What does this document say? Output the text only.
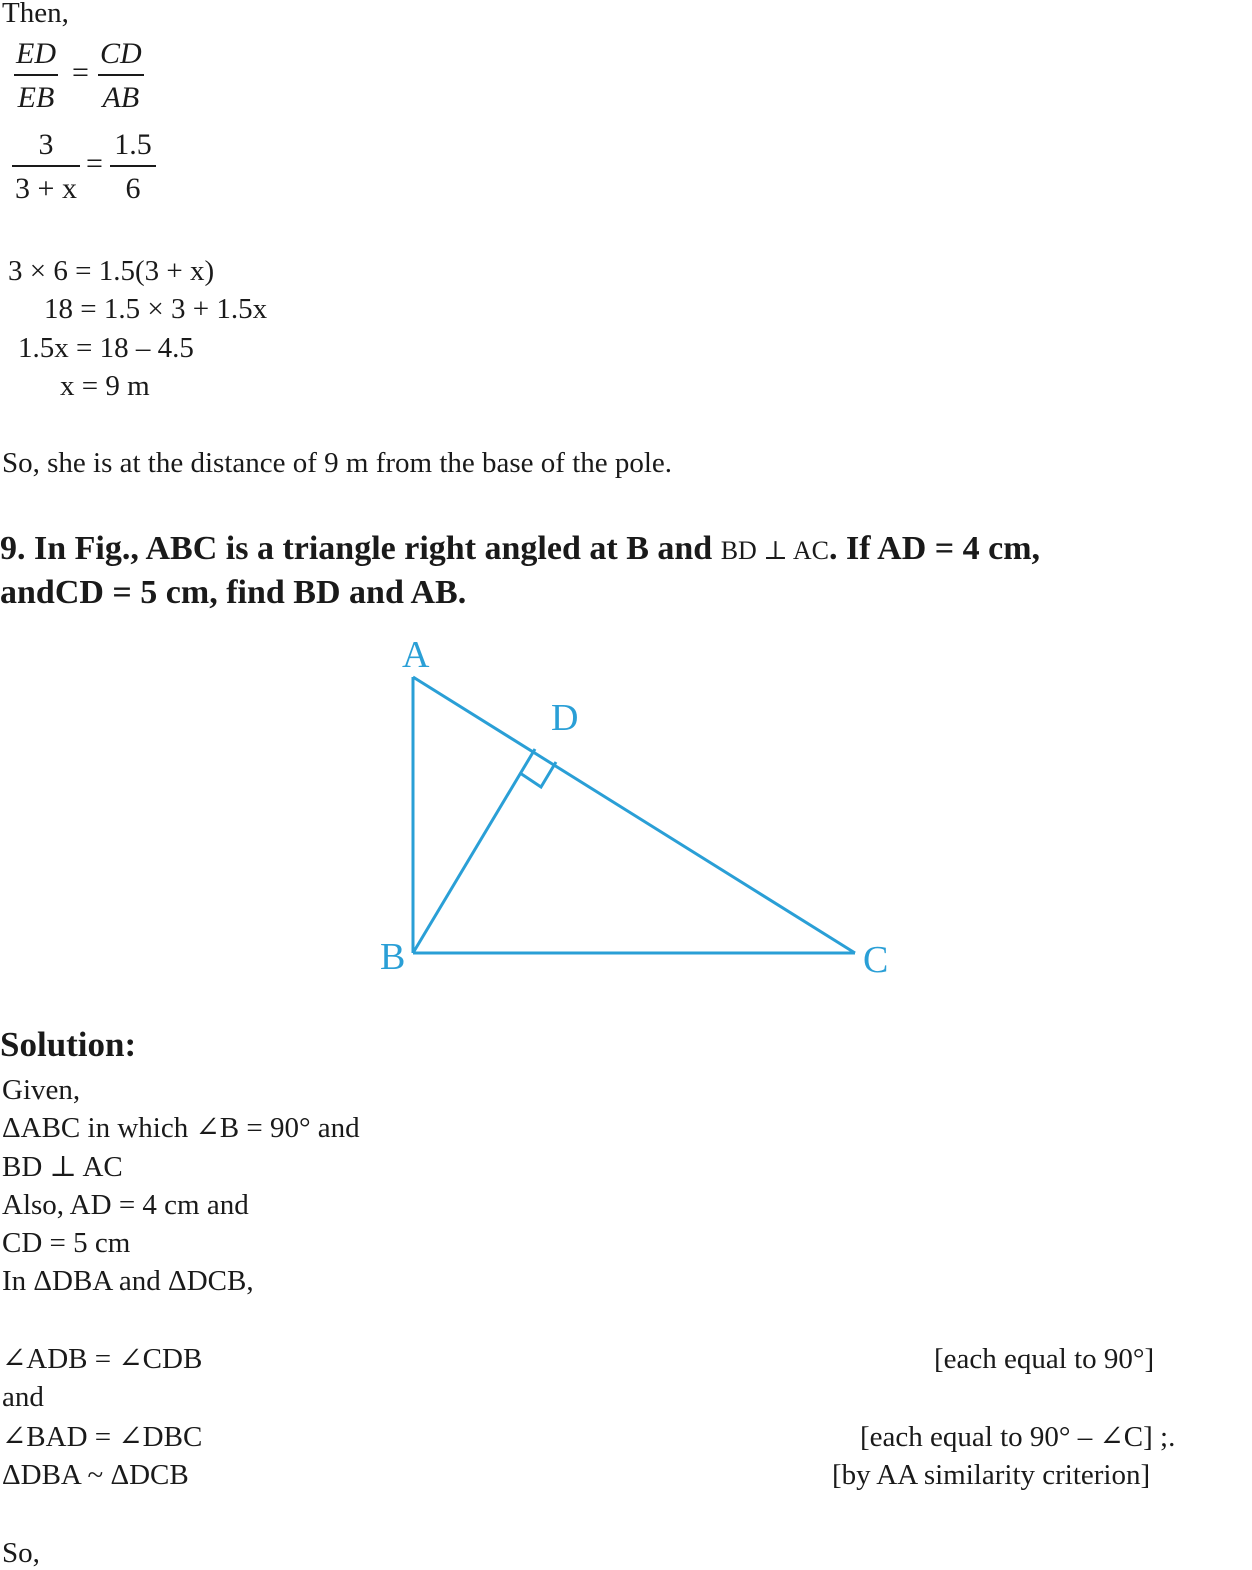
Then,
$\frac{ED}{EB} = \frac{CD}{AB}$
$\frac{3}{3 + x} = \frac{1.5}{6}$
3 × 6 = 1.5(3 + x)
18 = 1.5 × 3 + 1.5x
1.5x = 18 – 4.5
x = 9 m
So, she is at the distance of 9 m from the base of the pole.
9. In Fig., ABC is a triangle right angled at B and BD ⊥ AC. If AD = 4 cm,
andCD = 5 cm, find BD and AB.
A
D
B	C
Solution:
Given,
ΔABC in which ∠B = 90° and
BD ⊥ AC
Also, AD = 4 cm and
CD = 5 cm
In ΔDBA and ΔDCB,
∠ADB = ∠CDB	[each equal to 90°]
and
∠BAD = ∠DBC	[each equal to 90° – ∠C] ;.
ΔDBA ~ ΔDCB	[by AA similarity criterion]
So,
